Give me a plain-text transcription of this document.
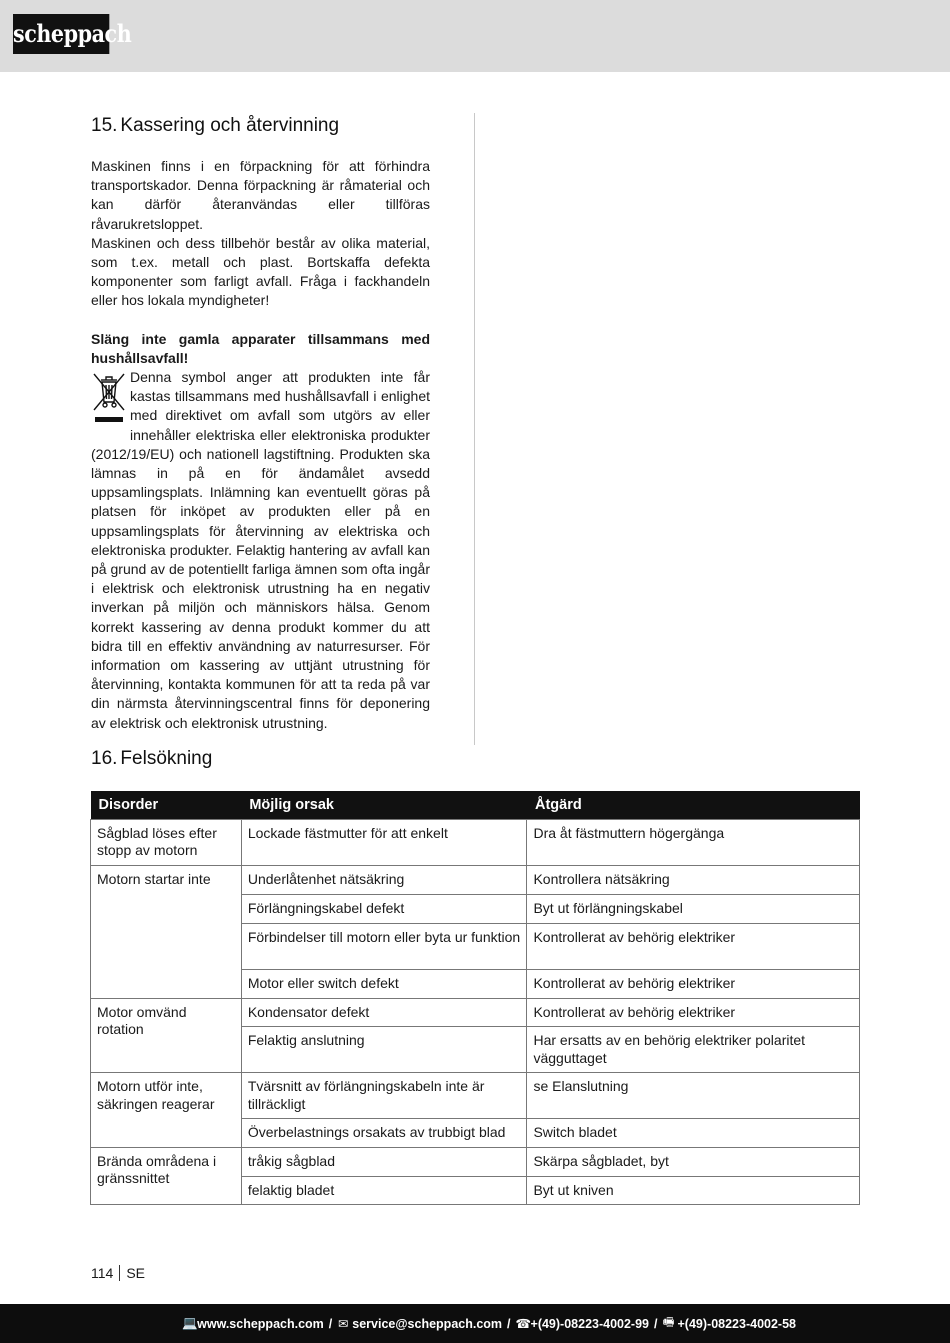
scheppach
15. Kassering och återvinning

Maskinen finns i en förpackning för att förhindra transportskador. Denna förpackning är råmaterial och kan därför återanvändas eller tillföras råvarukretsloppet.

Maskinen och dess tillbehör består av olika material, som t.ex. metall och plast. Bortskaffa defekta komponenter som farligt avfall. Fråga i fackhandeln eller hos lokala myndigheter!

Släng inte gamla apparater tillsammans med hushållsavfall!

Denna symbol anger att produkten inte får kastas tillsammans med hushållsavfall i enlighet med direktivet om avfall som utgörs av eller innehåller elektriska eller elektroniska produkter (2012/19/EU) och nationell lagstiftning. Produkten ska lämnas in på en för ändamålet avsedd uppsamlingsplats. Inlämning kan eventuellt göras på platsen för inköpet av produkten eller på en uppsamlingsplats för återvinning av elektriska och elektroniska produkter. Felaktig hantering av avfall kan på grund av de potentiellt farliga ämnen som ofta ingår i elektrisk och elektronisk utrustning ha en negativ inverkan på miljön och människors hälsa. Genom korrekt kassering av denna produkt kommer du att bidra till en effektiv användning av naturresurser. För information om kassering av uttjänt utrustning för återvinning, kontakta kommunen för att ta reda på var din närmsta återvinningscentral finns för deponering av elektrisk och elektronisk utrustning.
16. Felsökning
Disorder	Möjlig orsak	Åtgärd
Sågblad löses efter stopp av motorn	Lockade fästmutter för att enkelt	Dra åt fästmuttern högergänga
Motorn startar inte	Underlåtenhet nätsäkring	Kontrollera nätsäkring
	Förlängningskabel defekt	Byt ut förlängningskabel
	Förbindelser till motorn eller byta ur funktion	Kontrollerat av behörig elektriker
	Motor eller switch defekt	Kontrollerat av behörig elektriker
Motor omvänd rotation	Kondensator defekt	Kontrollerat av behörig elektriker
	Felaktig anslutning	Har ersatts av en behörig elektriker polaritet vägguttaget
Motorn utför inte, säkringen reagerar	Tvärsnitt av förlängningskabeln inte är tillräckligt	se Elanslutning
	Överbelastnings orsakats av trubbigt blad	Switch bladet
Brända områdena i gränssnittet	tråkig sågblad	Skärpa sågbladet, byt
	felaktig bladet	Byt ut kniven
114 SE
💻 www.scheppach.com / ✉ service@scheppach.com / ☎ +(49)-08223-4002-99 / 🖷 +(49)-08223-4002-58
